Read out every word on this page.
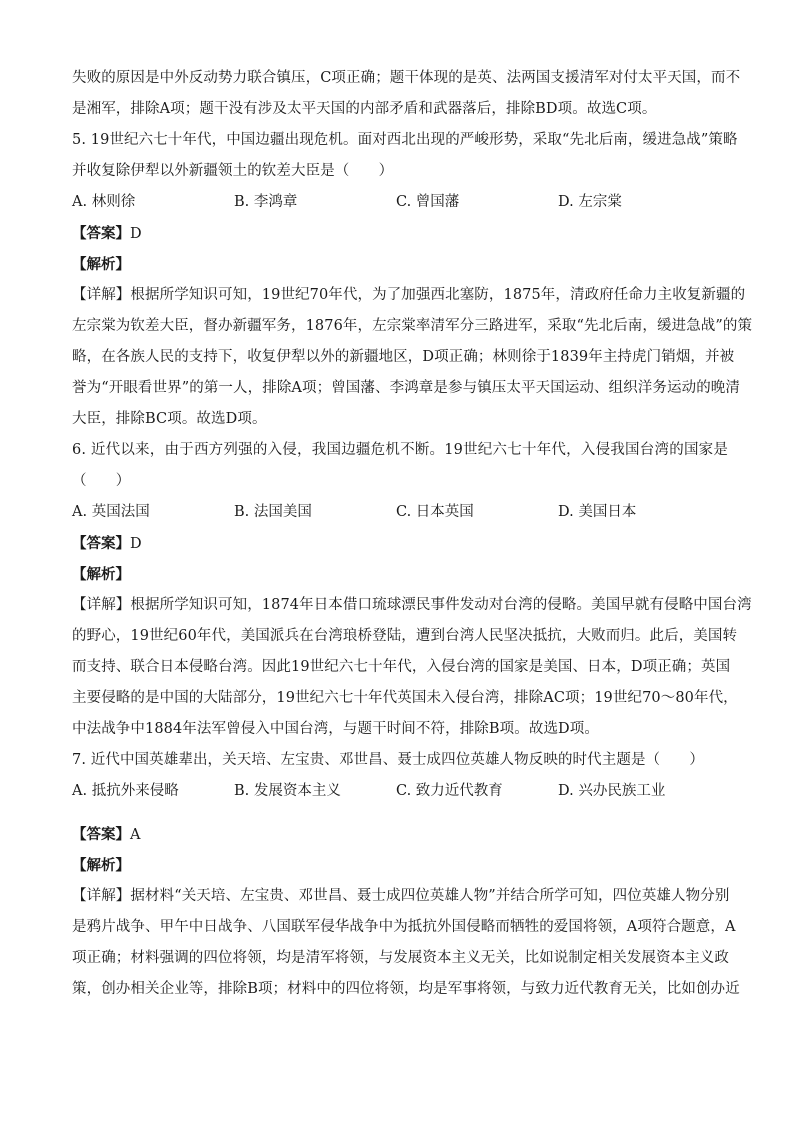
失败的原因是中外反动势力联合镇压，C项正确；题干体现的是英、法两国支援清军对付太平天国，而不
是湘军，排除A项；题干没有涉及太平天国的内部矛盾和武器落后，排除BD项。故选C项。
5. 19世纪六七十年代，中国边疆出现危机。面对西北出现的严峻形势，采取“先北后南，缓进急战”策略
并收复除伊犁以外新疆领土的钦差大臣是（　　）
A. 林则徐	B. 李鸿章	C. 曾国藩	D. 左宗棠
【答案】D
【解析】
【详解】根据所学知识可知，19世纪70年代，为了加强西北塞防，1875年，清政府任命力主收复新疆的
左宗棠为钦差大臣，督办新疆军务，1876年，左宗棠率清军分三路进军，采取“先北后南，缓进急战”的策
略，在各族人民的支持下，收复伊犁以外的新疆地区，D项正确；林则徐于1839年主持虎门销烟，并被
誉为“开眼看世界”的第一人，排除A项；曾国藩、李鸿章是参与镇压太平天国运动、组织洋务运动的晚清
大臣，排除BC项。故选D项。
6. 近代以来，由于西方列强的入侵，我国边疆危机不断。19世纪六七十年代，入侵我国台湾的国家是
（　　）
A. 英国法国	B. 法国美国	C. 日本英国	D. 美国日本
【答案】D
【解析】
【详解】根据所学知识可知，1874年日本借口琉球漂民事件发动对台湾的侵略。美国早就有侵略中国台湾
的野心，19世纪60年代，美国派兵在台湾琅桥登陆，遭到台湾人民坚决抵抗，大败而归。此后，美国转
而支持、联合日本侵略台湾。因此19世纪六七十年代，入侵台湾的国家是美国、日本，D项正确；英国
主要侵略的是中国的大陆部分，19世纪六七十年代英国未入侵台湾，排除AC项；19世纪70～80年代，
中法战争中1884年法军曾侵入中国台湾，与题干时间不符，排除B项。故选D项。
7. 近代中国英雄辈出，关天培、左宝贵、邓世昌、聂士成四位英雄人物反映的时代主题是（　　）
A. 抵抗外来侵略	B. 发展资本主义	C. 致力近代教育	D. 兴办民族工业
【答案】A
【解析】
【详解】据材料“关天培、左宝贵、邓世昌、聂士成四位英雄人物”并结合所学可知，四位英雄人物分别
是鸦片战争、甲午中日战争、八国联军侵华战争中为抵抗外国侵略而牺牲的爱国将领，A项符合题意，A
项正确；材料强调的四位将领，均是清军将领，与发展资本主义无关，比如说制定相关发展资本主义政
策，创办相关企业等，排除B项；材料中的四位将领，均是军事将领，与致力近代教育无关，比如创办近
